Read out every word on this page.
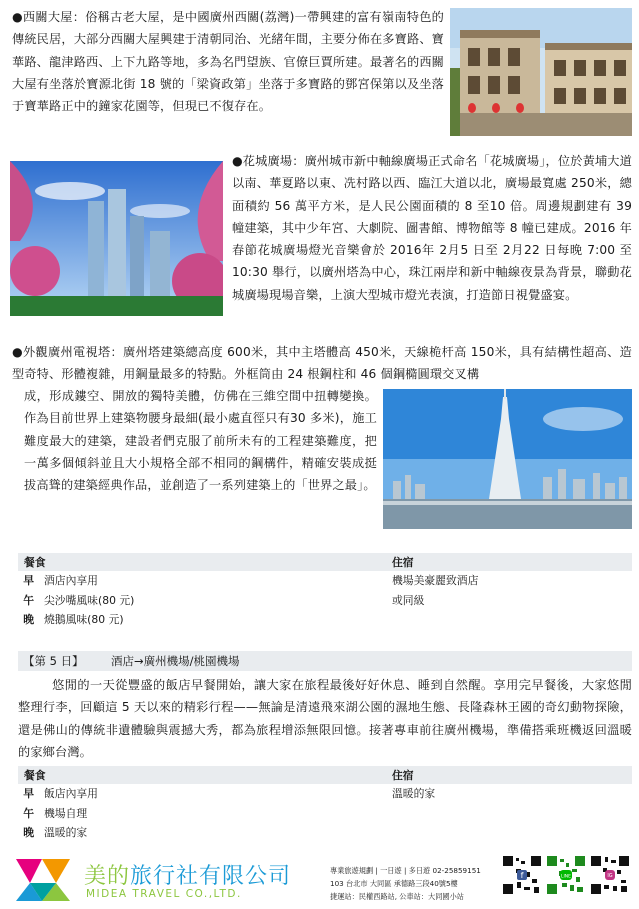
●西關大屋：俗稱古老大屋，是中國廣州西關(荔灣)一帶興建的富有嶺南特色的傳統民居，大部分西關大屋興建于清朝同治、光緒年間，主要分佈在多寶路、寶華路、龍津路西、上下九路等地，多為名門望族、官僚巨賈所建。最著名的西關大屋有坐落於寶源北街 18 號的「梁資政第」坐落于多寶路的鄧宮保第以及坐落于寶華路正中的鐘家花園等，但現已不復存在。
●花城廣場：廣州城市新中軸線廣場正式命名「花城廣場」，位於黃埔大道以南、華夏路以東、冼村路以西、臨江大道以北，廣場最寬處 250米，總面積約 56 萬平方米，是人民公園面積的 8 至10 倍。周邊規劃建有 39 幢建築，其中少年宮、大劇院、圖書館、博物館等 8 幢已建成。2016 年春節花城廣場燈光音樂會於 2016年 2月5 日至 2月22 日每晚 7:00 至 10:30 舉行，以廣州塔為中心，珠江兩岸和新中軸線夜景為背景，聯動花城廣場現場音樂，上演大型城市燈光表演，打造節日視覺盛宴。
●外觀廣州電視塔：廣州塔建築總高度 600米，其中主塔體高 450米，天線桅杆高 150米，具有結構性超高、造型奇特、形體複雜，用鋼量最多的特點。外框筒由 24 根鋼柱和 46 個鋼橢圓環交叉構
成，形成鏤空、開放的獨特美體，仿佛在三維空間中扭轉變換。作為目前世界上建築物腰身最細(最小處直徑只有30 多米)，施工難度最大的建築，建設者們克服了前所未有的工程建築難度，把一萬多個傾斜並且大小規格全部不相同的鋼構件，精確安裝成挺拔高聳的建築經典作品，並創造了一系列建築上的「世界之最」。
餐食	住宿
早 酒店內享用	機場美豪麗致酒店
午 尖沙嘴風味(80 元)	或同級
晚 燒鵝風味(80 元)
【第 5 日】	酒店→廣州機場/桃園機場
悠閒的一天從豐盛的飯店早餐開始，讓大家在旅程最後好好休息、睡到自然醒。享用完早餐後，大家悠閒整理行李，回顧這 5 天以來的精彩行程——無論是清遠飛來湖公園的濕地生態、長隆森林王國的奇幻動物探險，還是佛山的傳統非遺體驗與震撼大秀，都為旅程增添無限回憶。接著專車前往廣州機場，準備搭乘班機返回溫暖的家鄉台灣。
餐食	住宿
早 飯店內享用	溫暖的家
午 機場自理
晚 溫暖的家
美的旅行社有限公司
MIDEA TRAVEL CO.,LTD.
專業旅遊規劃 | 一日遊 | 多日遊 02-25859151
103 台北市 大同區 承德路三段40號5樓
捷運站：民權西路站, 公車站：大同國小站
f	LINE	IG
